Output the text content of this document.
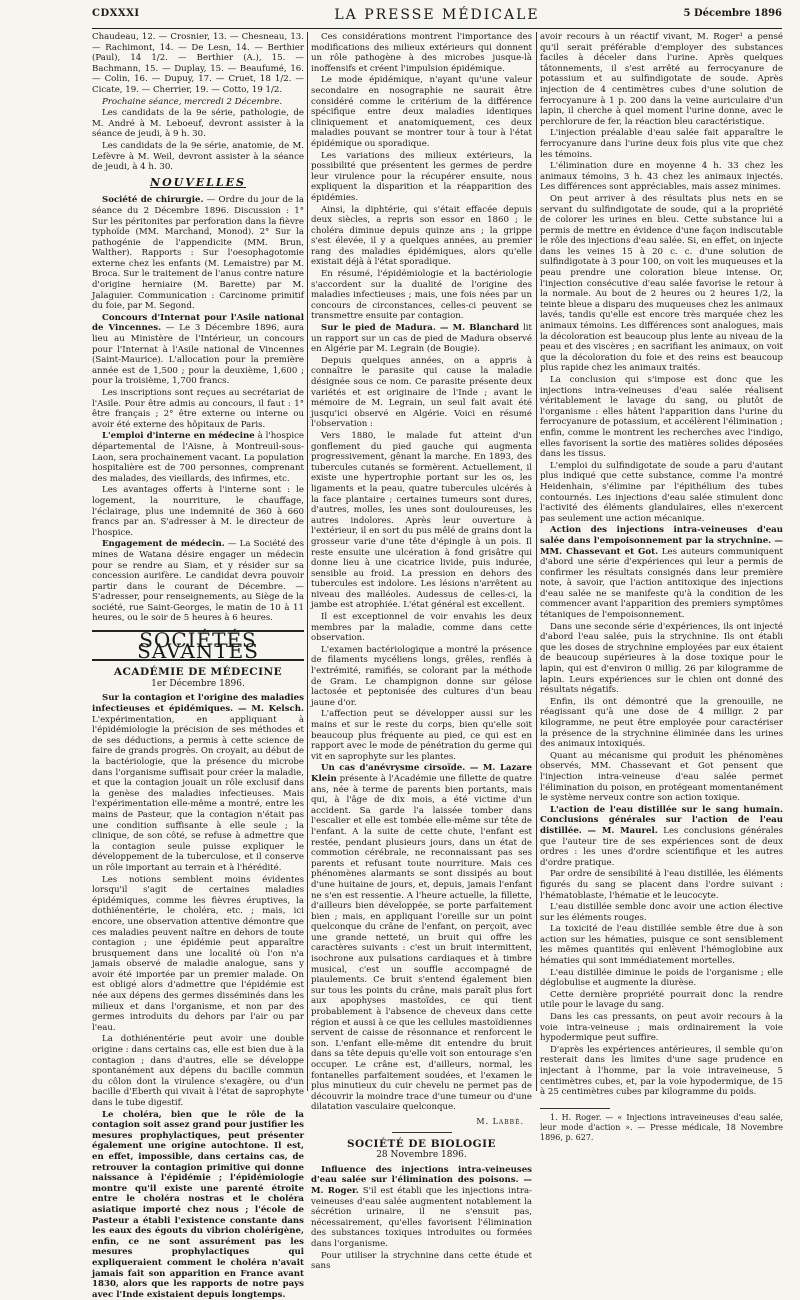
CDXXXI	LA PRESSE MÉDICALE	5 Décembre 1896

Chaudeau, 12. — Crosnier, 13. — Chesneau, 13. — Rachimont, 14. — De Lesn, 14. — Berthier (Paul), 14 1/2. — Berthier (A.), 15. — Bachmann, 15. — Duplay, 15. — Beaufumé, 16. — Colin, 16. — Dupuy, 17. — Cruet, 18 1/2. — Cicate, 19. — Cherrier, 19. — Cotto, 19 1/2.

Prochaine séance, mercredi 2 Décembre.

Les candidats de la 9e série, pathologie, de M. André à M. Leboeuf, devront assister à la séance de jeudi, à 9 h. 30.

Les candidats de la 9e série, anatomie, de M. Lefèvre à M. Weil, devront assister à la séance de jeudi, à 4 h. 30.

NOUVELLES

Société de chirurgie. — Ordre du jour de la séance du 2 Décembre 1896. Discussion : 1° Sur les péritonites par perforation dans la fièvre typhoïde (MM. Marchand, Monod). 2° Sur la pathogénie de l'appendicite (MM. Brun, Walther). Rapports : Sur l'oesophagotomie externe chez les enfants (M. Lemaistre) par M. Broca. Sur le traitement de l'anus contre nature d'origine herniaire (M. Barette) par M. Jalaguier. Communication : Carcinome primitif du foie, par M. Segond.

Concours d'Internat pour l'Asile national de Vincennes. — Le 3 Décembre 1896, aura lieu au Ministère de l'Intérieur, un concours pour l'Internat à l'Asile national de Vincennes (Saint-Maurice). L'allocation pour la première année est de 1,500 ; pour la deuxième, 1,600 ; pour la troisième, 1,700 francs.

Les inscriptions sont reçues au secrétariat de l'Asile. Pour être admis au concours, il faut : 1° être français ; 2° être externe ou interne ou avoir été externe des hôpitaux de Paris.

L'emploi d'interne en médecine à l'hospice départemental de l'Aisne, à Montreuil-sous-Laon, sera prochainement vacant. La population hospitalière est de 700 personnes, comprenant des malades, des vieillards, des infirmes, etc.

Les avantages offerts à l'interne sont : le logement, la nourriture, le chauffage, l'éclairage, plus une indemnité de 360 à 660 francs par an. S'adresser à M. le directeur de l'hospice.

Engagement de médecin. — La Société des mines de Watana désire engager un médecin pour se rendre au Siam, et y résider sur sa concession aurifère. Le candidat devra pouvoir partir dans le courant de Décembre. — S'adresser, pour renseignements, au Siège de la société, rue Saint-Georges, le matin de 10 à 11 heures, ou le soir de 5 heures à 6 heures.

SOCIÉTÉS SAVANTES
ACADÉMIE DE MÉDECINE
1er Décembre 1896.

Sur la contagion et l'origine des maladies infectieuses et épidémiques. — M. Kelsch. L'expérimentation, en appliquant à l'épidémiologie la précision de ses méthodes et de ses déductions, a permis à cette science de faire de grands progrès. On croyait, au début de la bactériologie, que la présence du microbe dans l'organisme suffisait pour créer la maladie, et que la contagion jouait un rôle exclusif dans la genèse des maladies infectieuses. Mais l'expérimentation elle-même a montré, entre les mains de Pasteur, que la contagion n'était pas une condition suffisante à elle seule ; la clinique, de son côté, se refuse à admettre que la contagion seule puisse expliquer le développement de la tuberculose, et il conserve un rôle important au terrain et à l'hérédité.

Les notions semblent moins évidentes lorsqu'il s'agit de certaines maladies épidémiques, comme les fièvres éruptives, la dothiénentérie, le choléra, etc. ; mais, ici encore, une observation attentive démontre que ces maladies peuvent naître en dehors de toute contagion ; une épidémie peut apparaître brusquement dans une localité où l'on n'a jamais observé de maladie analogue, sans y avoir été importée par un premier malade. On est obligé alors d'admettre que l'épidémie est née aux dépens des germes disséminés dans les milieux et dans l'organisme, et non par des germes introduits du dehors par l'air ou par l'eau.

La dothiénentérie peut avoir une double origine : dans certains cas, elle est bien due à la contagion ; dans d'autres, elle se développe spontanément aux dépens du bacille commun du côlon dont la virulence s'exagère, ou d'un bacille d'Eberth qui vivait à l'état de saprophyte dans le tube digestif.

Le choléra, bien que le rôle de la contagion soit assez grand pour justifier les mesures prophylactiques, peut présenter également une origine autochtone. Il est, en effet, impossible, dans certains cas, de retrouver la contagion primitive qui donne naissance à l'épidémie ; l'épidémiologie montre qu'il existe une parenté étroite entre le choléra nostras et le choléra asiatique importé chez nous ; l'école de Pasteur a établi l'existence constante dans les eaux des égouts du vibrion cholérigène, enfin, ce ne sont assurément pas les mesures prophylactiques qui expliqueraient comment le choléra n'avait jamais fait son apparition en France avant 1830, alors que les rapports de notre pays avec l'Inde existaient depuis longtemps.

Ces considérations montrent l'importance des modifications des milieux extérieurs qui donnent un rôle pathogène à des microbes jusque-là inoffensifs et créent l'impulsion épidémique.

Le mode épidémique, n'ayant qu'une valeur secondaire en nosographie ne saurait être considéré comme le critérium de la différence spécifique entre deux maladies identiques cliniquement et anatomiquement, ces deux maladies pouvant se montrer tour à tour à l'état épidémique ou sporadique.

Les variations des milieux extérieurs, la possibilité que présentent les germes de perdre leur virulence pour la récupérer ensuite, nous expliquent la disparition et la réapparition des épidémies.

Ainsi, la diphtérie, qui s'était effacée depuis deux siècles, a repris son essor en 1860 ; le choléra diminue depuis quinze ans ; la grippe s'est élevée, il y a quelques années, au premier rang des maladies épidémiques, alors qu'elle existait déjà à l'état sporadique.

En résumé, l'épidémiologie et la bactériologie s'accordent sur la dualité de l'origine des maladies infectieuses ; mais, une fois nées par un concours de circonstances, celles-ci peuvent se transmettre ensuite par contagion.

Sur le pied de Madura. — M. Blanchard lit un rapport sur un cas de pied de Madura observé en Algérie par M. Legrain (de Bougie).

Depuis quelques années, on a appris à connaître le parasite qui cause la maladie désignée sous ce nom. Ce parasite présente deux variétés et est originaire de l'Inde ; avant le mémoire de M. Legrain, un seul fait avait été jusqu'ici observé en Algérie. Voici en résumé l'observation :

Vers 1880, le malade fut atteint d'un gonflement du pied gauche qui augmenta progressivement, gênant la marche. En 1893, des tubercules cutanés se formèrent. Actuellement, il existe une hypertrophie portant sur les os, les ligaments et la peau, quatre tubercules ulcérés à la face plantaire ; certaines tumeurs sont dures, d'autres, molles, les unes sont douloureuses, les autres indolores. Après leur ouverture à l'extérieur, il en sort du pus mêlé de grains dont la grosseur varie d'une tête d'épingle à un pois. Il reste ensuite une ulcération à fond grisâtre qui donne lieu à une cicatrice livide, puis indurée, sensible au froid. La pression en dehors des tubercules est indolore. Les lésions n'arrêtent au niveau des malléoles. Audessus de celles-ci, la jambe est atrophiée. L'état général est excellent.

Il est exceptionnel de voir envahis les deux membres par la maladie, comme dans cette observation.

L'examen bactériologique a montré la présence de filaments mycéliens longs, grêles, renflés à l'extrémité, ramifiés, se colorant par la méthode de Gram. Le champignon donne sur gélose lactosée et peptonisée des cultures d'un beau jaune d'or.

L'affection peut se développer aussi sur les mains et sur le reste du corps, bien qu'elle soit beaucoup plus fréquente au pied, ce qui est en rapport avec le mode de pénétration du germe qui vit en saprophyte sur les plantes.

Un cas d'anévrysme cirsoïde. — M. Lazare Klein présente à l'Académie une fillette de quatre ans, née à terme de parents bien portants, mais qui, à l'âge de dix mois, a été victime d'un accident. Sa garde l'a laissée tomber dans l'escalier et elle est tombée elle-même sur tête de l'enfant. A la suite de cette chute, l'enfant est restée, pendant plusieurs jours, dans un état de commotion cérébrale, ne reconnaissant pas ses parents et refusant toute nourriture. Mais ces phénomènes alarmants se sont dissipés au bout d'une huitaine de jours, et, depuis, jamais l'enfant ne s'en est ressentie. A l'heure actuelle, la fillette, d'ailleurs bien développée, se porte parfaitement bien ; mais, en appliquant l'oreille sur un point quelconque du crâne de l'enfant, on perçoit, avec une grande netteté, un bruit qui offre les caractères suivants : c'est un bruit intermittent, isochrone aux pulsations cardiaques et à timbre musical, c'est un souffle accompagné de piaulements. Ce bruit s'entend également bien sur tous les points du crâne, mais paraît plus fort aux apophyses mastoïdes, ce qui tient probablement à l'absence de cheveux dans cette région et aussi à ce que les cellules mastoïdiennes servent de caisse de résonnance et renforcent le son. L'enfant elle-même dit entendre du bruit dans sa tête depuis qu'elle voit son entourage s'en occuper. Le crâne est, d'ailleurs, normal, les fontanelles parfaitement soudées, et l'examen le plus minutieux du cuir chevelu ne permet pas de découvrir la moindre trace d'une tumeur ou d'une dilatation vasculaire quelconque.

M. Labbé.
SOCIÉTÉ DE BIOLOGIE
28 Novembre 1896.

Influence des injections intra-veineuses d'eau salée sur l'élimination des poisons. — M. Roger. S'il est établi que les injections intra-veineuses d'eau salée augmentent notablement la sécrétion urinaire, il ne s'ensuit pas, nécessairement, qu'elles favorisent l'élimination des substances toxiques introduites ou formées dans l'organisme.

Pour utiliser la strychnine dans cette étude et sans

avoir recours à un réactif vivant, M. Roger¹ a pensé qu'il serait préférable d'employer des substances faciles à déceler dans l'urine. Après quelques tâtonnements, il s'est arrêté au ferrocyanure de potassium et au sulfindigotate de soude. Après injection de 4 centimètres cubes d'une solution de ferrocyanure à 1 p. 200 dans la veine auriculaire d'un lapin, il cherche à quel moment l'urine donne, avec le perchlorure de fer, la réaction bleu caractéristique.

L'injection préalable d'eau salée fait apparaître le ferrocyanure dans l'urine deux fois plus vite que chez les témoins.

L'élimination dure en moyenne 4 h. 33 chez les animaux témoins, 3 h. 43 chez les animaux injectés. Les différences sont appréciables, mais assez minimes.

On peut arriver à des résultats plus nets en se servant du sulfindigotate de soude, qui a la propriété de colorer les urines en bleu. Cette substance lui a permis de mettre en évidence d'une façon indiscutable le rôle des injections d'eau salée. Si, en effet, on injecte dans les veines 15 à 20 c. c. d'une solution de sulfindigotate à 3 pour 100, on voit les muqueuses et la peau prendre une coloration bleue intense. Or, l'injection consécutive d'eau salée favorise le retour à la normale. Au bout de 2 heures ou 2 heures 1/2, la teinte bleue a disparu des muqueuses chez les animaux lavés, tandis qu'elle est encore très marquée chez les animaux témoins. Les différences sont analogues, mais la décoloration est beaucoup plus lente au niveau de la peau et des viscères ; en sacrifiant les animaux, on voit que la décoloration du foie et des reins est beaucoup plus rapide chez les animaux traités.

La conclusion qui s'impose est donc que les injections intra-veineuses d'eau salée réalisent véritablement le lavage du sang, ou plutôt de l'organisme : elles hâtent l'apparition dans l'urine du ferrocyanure de potassium, et accélèrent l'élimination ; enfin, comme le montrent les recherches avec l'indigo, elles favorisent la sortie des matières solides déposées dans les tissus.

L'emploi du sulfindigotate de soude a paru d'autant plus indiqué que cette substance, comme l'a montré Heidenhain, s'élimine par l'épithélium des tubes contournés. Les injections d'eau salée stimulent donc l'activité des éléments glandulaires, elles n'exercent pas seulement une action mécanique.

Action des injections intra-veineuses d'eau salée dans l'empoisonnement par la strychnine. — MM. Chassevant et Got. Les auteurs communiquent d'abord une série d'expériences qui leur a permis de confirmer les résultats consignés dans leur première note, à savoir, que l'action antitoxique des injections d'eau salée ne se manifeste qu'à la condition de les commencer avant l'apparition des premiers symptômes tétaniques de l'empoisonnement.

Dans une seconde série d'expériences, ils ont injecté d'abord l'eau salée, puis la strychnine. Ils ont établi que les doses de strychnine employées par eux étaient de beaucoup supérieures à la dose toxique pour le lapin, qui est d'environ 0 millig. 26 par kilogramme de lapin. Leurs expériences sur le chien ont donné des résultats négatifs.

Enfin, ils ont démontré que la grenouille, ne réagissant qu'à une dose de 4 milligr. 2 par kilogramme, ne peut être employée pour caractériser la présence de la strychnine éliminée dans les urines des animaux intoxiqués.

Quant au mécanisme qui produit les phénomènes observés, MM. Chassevant et Got pensent que l'injection intra-veineuse d'eau salée permet l'élimination du poison, en protégeant momentanément le système nerveux contre son action toxique.

L'action de l'eau distillée sur le sang humain. Conclusions générales sur l'action de l'eau distillée. — M. Maurel. Les conclusions générales que l'auteur tire de ses expériences sont de deux ordres : les unes d'ordre scientifique et les autres d'ordre pratique.

Par ordre de sensibilité à l'eau distillée, les éléments figurés du sang se placent dans l'ordre suivant : l'hématoblaste, l'hématie et le leucocyte.

L'eau distillée semble donc avoir une action élective sur les éléments rouges.

La toxicité de l'eau distillée semble être due à son action sur les hématies, puisque ce sont sensiblement les mêmes quantités qui enlèvent l'hémoglobine aux hématies qui sont immédiatement mortelles.

L'eau distillée diminue le poids de l'organisme ; elle déglobulise et augmente la diurèse.

Cette dernière propriété pourrait donc la rendre utile pour le lavage du sang.

Dans les cas pressants, on peut avoir recours à la voie intra-veineuse ; mais ordinairement la voie hypodermique peut suffire.

D'après les expériences antérieures, il semble qu'on resterait dans les limites d'une sage prudence en injectant à l'homme, par la voie intraveineuse, 5 centimètres cubes, et, par la voie hypodermique, de 15 à 25 centimètres cubes par kilogramme du poids.

1. H. Roger. — « Injections intraveineuses d'eau salée, leur mode d'action ». — Presse médicale, 18 Novembre 1896, p. 627.
